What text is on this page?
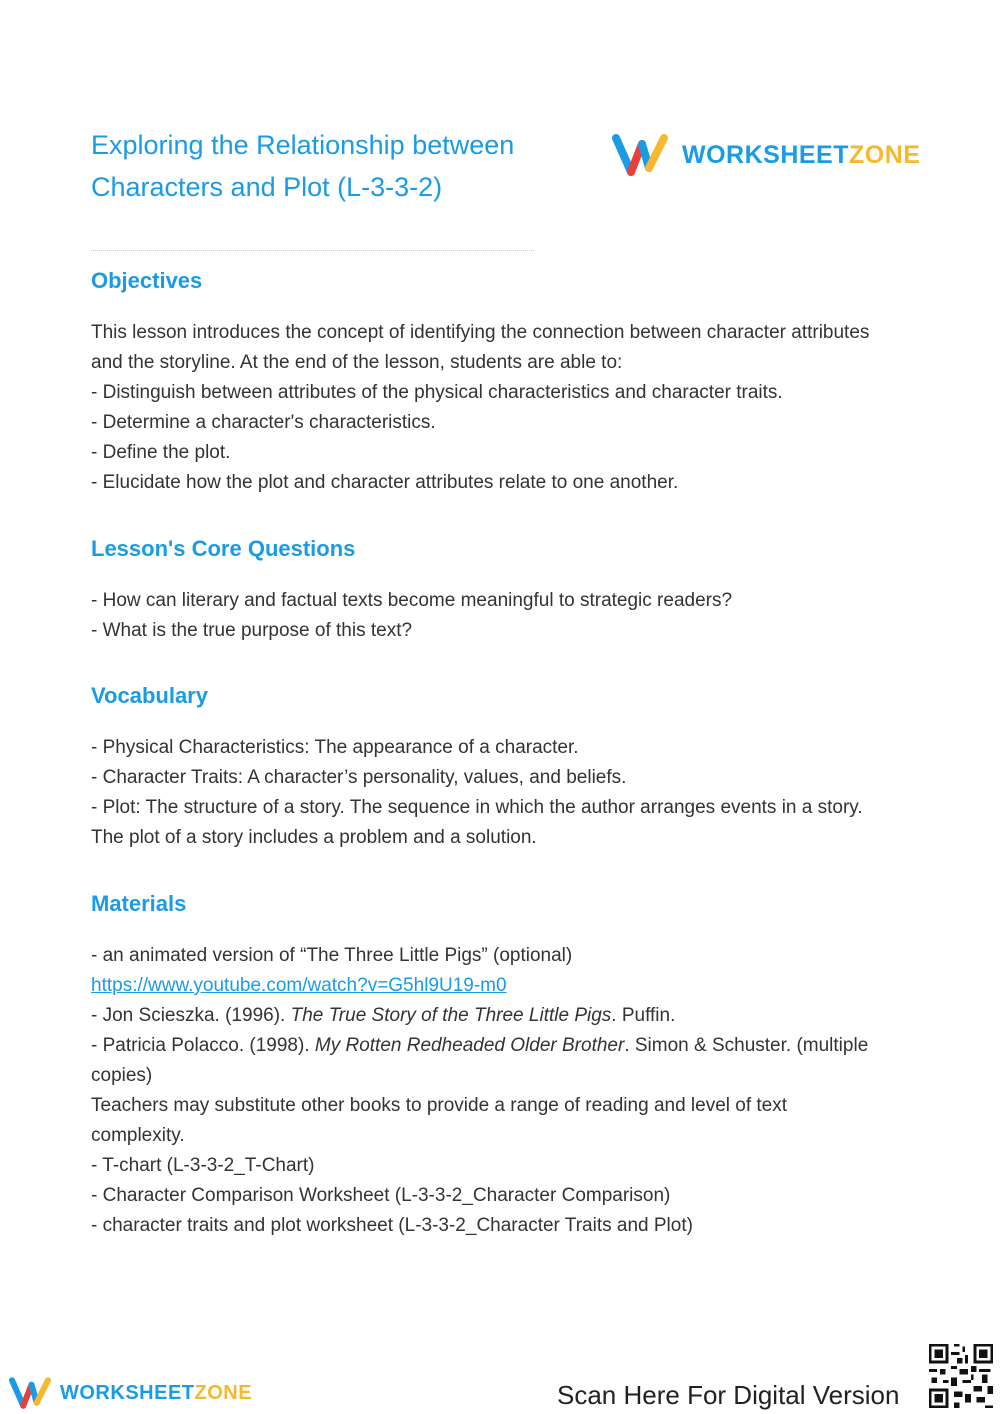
Exploring the Relationship between Characters and Plot (L-3-3-2)
WORKSHEETZONE
Objectives

This lesson introduces the concept of identifying the connection between character attributes and the storyline. At the end of the lesson, students are able to:

- Distinguish between attributes of the physical characteristics and character traits.

- Determine a character's characteristics.

- Define the plot.

- Elucidate how the plot and character attributes relate to one another.

Lesson's Core Questions

- How can literary and factual texts become meaningful to strategic readers?

- What is the true purpose of this text?

Vocabulary

- Physical Characteristics: The appearance of a character.

- Character Traits: A character’s personality, values, and beliefs.

- Plot: The structure of a story. The sequence in which the author arranges events in a story. The plot of a story includes a problem and a solution.

Materials

- an animated version of “The Three Little Pigs” (optional)

https://www.youtube.com/watch?v=G5hl9U19-m0

- Jon Scieszka. (1996). The True Story of the Three Little Pigs. Puffin.

- Patricia Polacco. (1998). My Rotten Redheaded Older Brother. Simon & Schuster. (multiple copies)

Teachers may substitute other books to provide a range of reading and level of text complexity.

- T-chart (L-3-3-2_T-Chart)

- Character Comparison Worksheet (L-3-3-2_Character Comparison)

- character traits and plot worksheet (L-3-3-2_Character Traits and Plot)

WORKSHEETZONE	Scan Here For Digital Version
